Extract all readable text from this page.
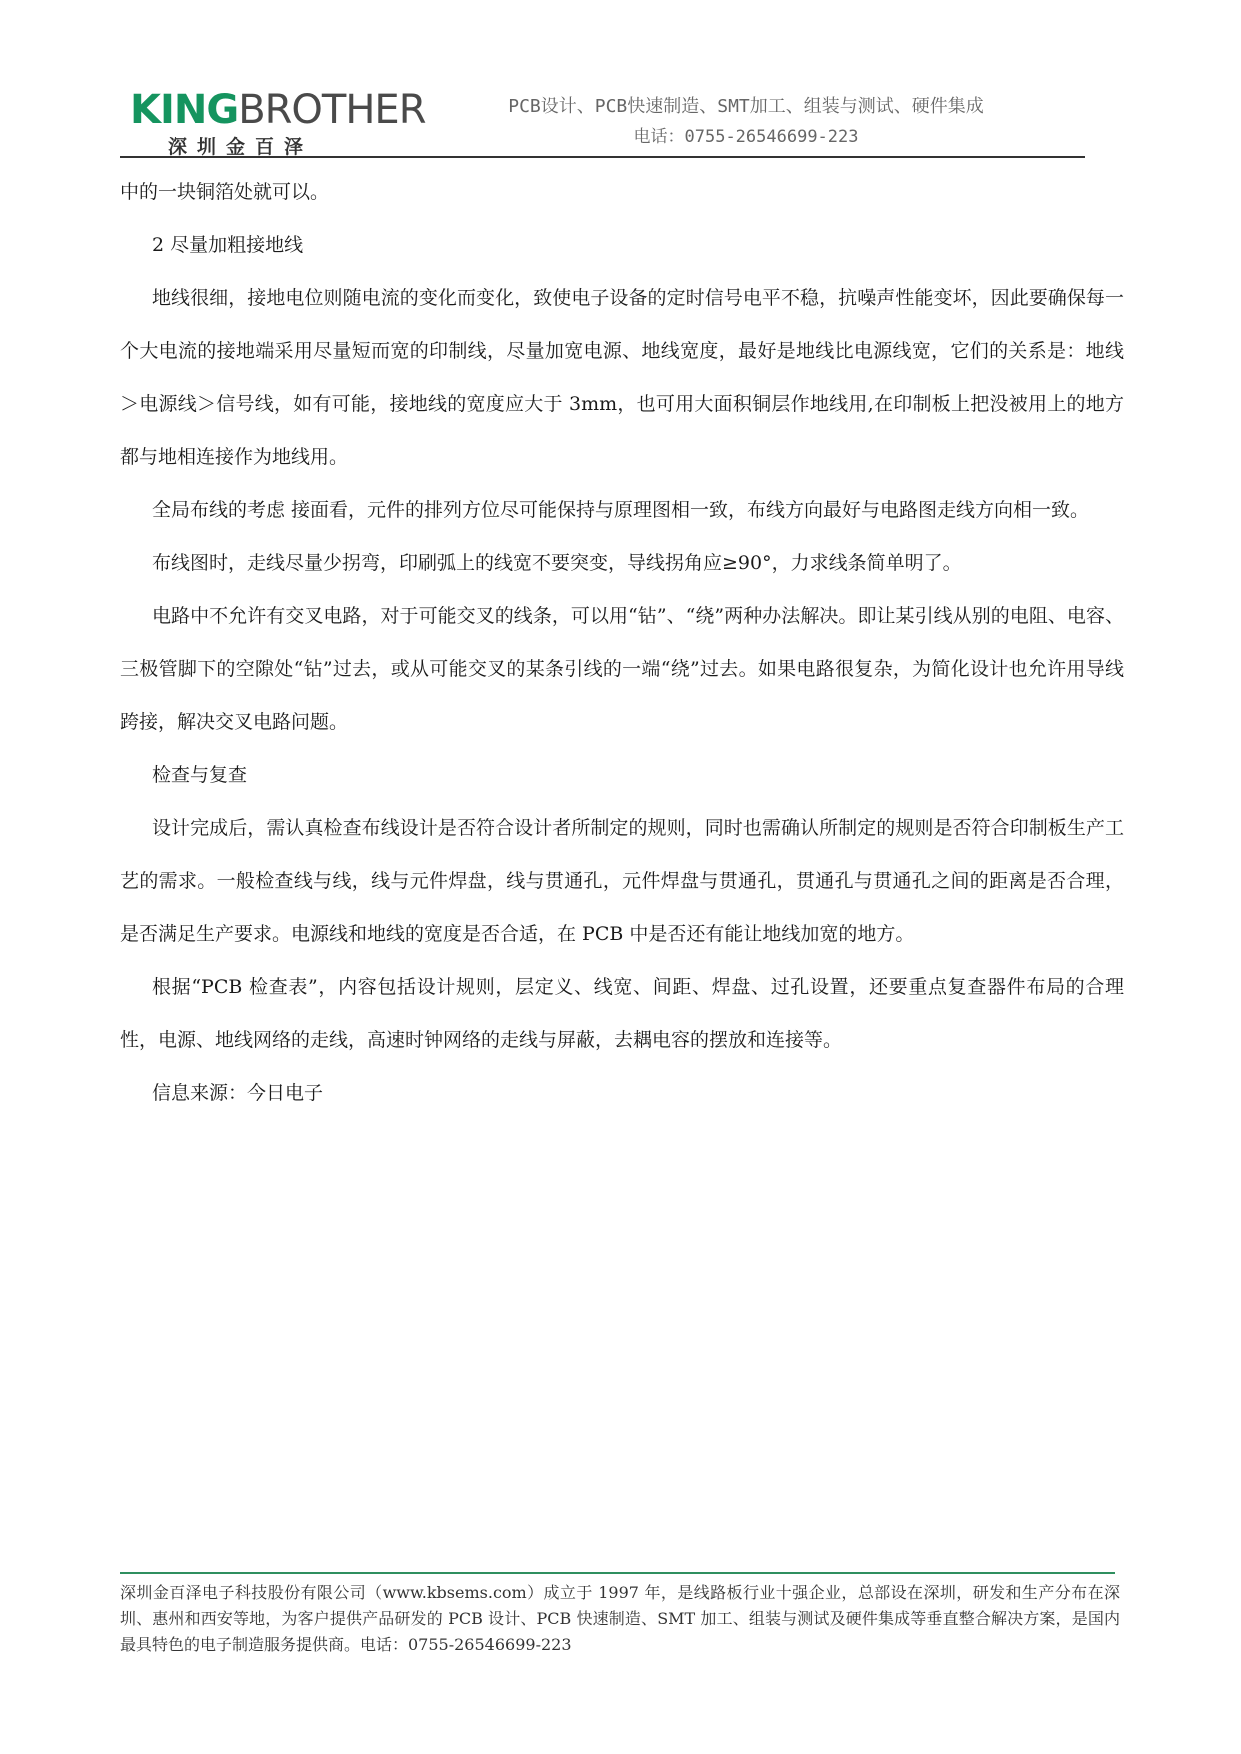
KINGBROTHER
深圳金百泽
PCB设计、PCB快速制造、SMT加工、组装与测试、硬件集成
电话：0755-26546699-223

中的一块铜箔处就可以。

2 尽量加粗接地线

地线很细，接地电位则随电流的变化而变化，致使电子设备的定时信号电平不稳，抗噪声性能变坏，因此要确保每一个大电流的接地端采用尽量短而宽的印制线，尽量加宽电源、地线宽度，最好是地线比电源线宽，它们的关系是：地线＞电源线＞信号线，如有可能，接地线的宽度应大于 3mm，也可用大面积铜层作地线用,在印制板上把没被用上的地方都与地相连接作为地线用。

全局布线的考虑 接面看，元件的排列方位尽可能保持与原理图相一致，布线方向最好与电路图走线方向相一致。

布线图时，走线尽量少拐弯，印刷弧上的线宽不要突变，导线拐角应≥90°，力求线条简单明了。

电路中不允许有交叉电路，对于可能交叉的线条，可以用“钻”、“绕”两种办法解决。即让某引线从别的电阻、电容、三极管脚下的空隙处“钻”过去，或从可能交叉的某条引线的一端“绕”过去。如果电路很复杂，为简化设计也允许用导线跨接，解决交叉电路问题。

检查与复查

设计完成后，需认真检查布线设计是否符合设计者所制定的规则，同时也需确认所制定的规则是否符合印制板生产工艺的需求。一般检查线与线，线与元件焊盘，线与贯通孔，元件焊盘与贯通孔，贯通孔与贯通孔之间的距离是否合理，是否满足生产要求。电源线和地线的宽度是否合适，在 PCB 中是否还有能让地线加宽的地方。

根据“PCB 检查表”，内容包括设计规则，层定义、线宽、间距、焊盘、过孔设置，还要重点复查器件布局的合理性，电源、地线网络的走线，高速时钟网络的走线与屏蔽，去耦电容的摆放和连接等。

信息来源：今日电子

深圳金百泽电子科技股份有限公司（www.kbsems.com）成立于 1997 年，是线路板行业十强企业，总部设在深圳，研发和生产分布在深圳、惠州和西安等地，为客户提供产品研发的 PCB 设计、PCB 快速制造、SMT 加工、组装与测试及硬件集成等垂直整合解决方案，是国内最具特色的电子制造服务提供商。电话：0755-26546699-223
